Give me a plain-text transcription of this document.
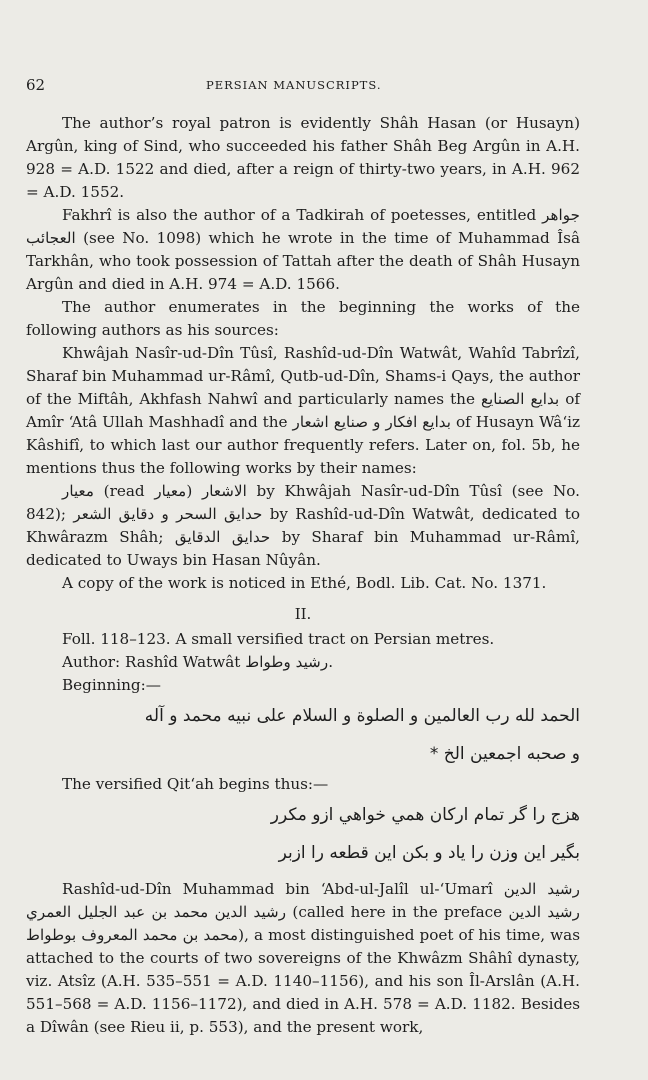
62	PERSIAN MANUSCRIPTS.

The author’s royal patron is evidently Shâh Hasan (or Husayn) Argûn, king of Sind, who succeeded his father Shâh Beg Argûn in A.H. 928 = A.D. 1522 and died, after a reign of thirty-two years, in A.H. 962 = A.D. 1552.

Fakhrî is also the author of a Tadkirah of poetesses, entitled جواهر العجائب (see No. 1098) which he wrote in the time of Muhammad Îsâ Tarkhân, who took possession of Tattah after the death of Shâh Husayn Argûn and died in A.H. 974 = A.D. 1566.

The author enumerates in the beginning the works of the following authors as his sources:

Khwâjah Nasîr-ud-Dîn Tûsî, Rashîd-ud-Dîn Watwât, Wahîd Tabrîzî, Sharaf bin Muhammad ur-Râmî, Qutb-ud-Dîn, Shams-i Qays, the author of the Miftâh, Akhfash Nahwî and particularly names the بدايع الصنايع of Amîr ‘Atâ Ullah Mashhadî and the بدايع افكار و صنايع اشعار of Husayn Wâ‘iz Kâshifî, to which last our author frequently refers. Later on, fol. 5b, he mentions thus the following works by their names:

معيار (read معيار) الاشعار by Khwâjah Nasîr-ud-Dîn Tûsî (see No. 842); حدايق السحر و دقايق الشعر by Rashîd-ud-Dîn Watwât, dedicated to Khwârazm Shâh; حدايق الدقايق by Sharaf bin Muhammad ur-Râmî, dedicated to Uways bin Hasan Nûyân.

A copy of the work is noticed in Ethé, Bodl. Lib. Cat. No. 1371.

II.

Foll. 118–123. A small versified tract on Persian metres.

Author: Rashîd Watwât رشيد وطواط.

Beginning:—

الحمد لله رب العالمين و الصلوة و السلام على نبيه محمد و آله

و صحبه اجمعين الخ *

The versified Qit‘ah begins thus:—

هزج را گر تمام ارکان همي خواهي ازو مکرر

بگير اين وزن را ياد و بکن اين قطعه را ازبر

Rashîd-ud-Dîn Muhammad bin ‘Abd-ul-Jalîl ul-‘Umarî رشيد الدين رشيد الدين محمد بن عبد الجليل العمري (called here in the preface رشيد الدين محمد بن محمد المعروف بوطواط), a most distinguished poet of his time, was attached to the courts of two sovereigns of the Khwâzm Shâhî dynasty, viz. Atsîz (A.H. 535–551 = A.D. 1140–1156), and his son Îl-Arslân (A.H. 551–568 = A.D. 1156–1172), and died in A.H. 578 = A.D. 1182. Besides a Dîwân (see Rieu ii, p. 553), and the present work,
